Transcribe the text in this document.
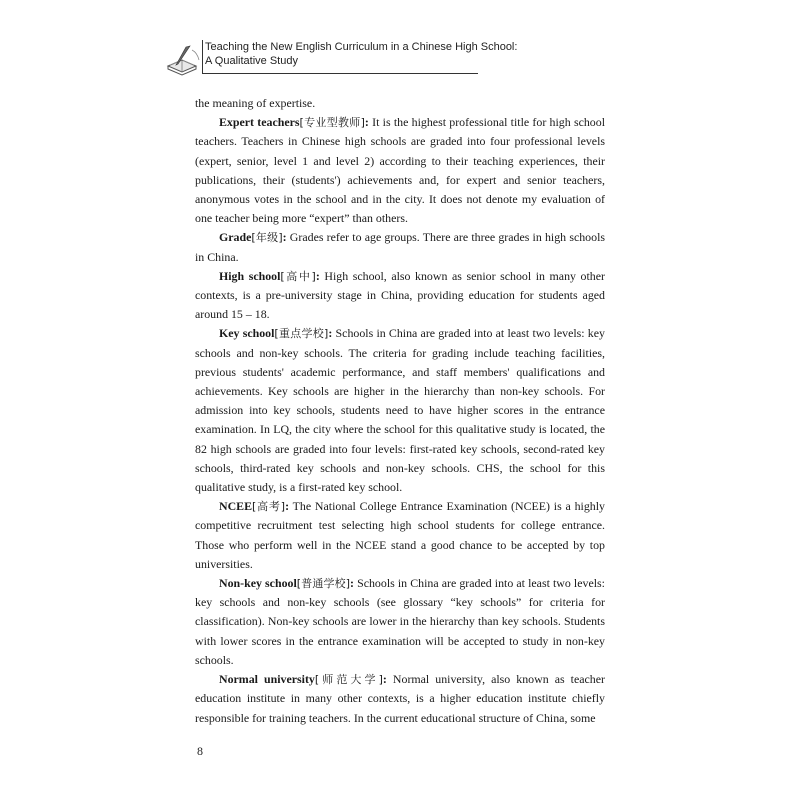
Teaching the New English Curriculum in a Chinese High School:
A Qualitative Study

the meaning of expertise.

Expert teachers[专业型教师]: It is the highest professional title for high school teachers. Teachers in Chinese high schools are graded into four professional levels (expert, senior, level 1 and level 2) according to their teaching experiences, their publications, their (students') achievements and, for expert and senior teachers, anonymous votes in the school and in the city. It does not denote my evaluation of one teacher being more “expert” than others.

Grade[年级]: Grades refer to age groups. There are three grades in high schools in China.

High school[高中]: High school, also known as senior school in many other contexts, is a pre-university stage in China, providing education for students aged around 15 – 18.

Key school[重点学校]: Schools in China are graded into at least two levels: key schools and non-key schools. The criteria for grading include teaching facilities, previous students' academic performance, and staff members' qualifications and achievements. Key schools are higher in the hierarchy than non-key schools. For admission into key schools, students need to have higher scores in the entrance examination. In LQ, the city where the school for this qualitative study is located, the 82 high schools are graded into four levels: first-rated key schools, second-rated key schools, third-rated key schools and non-key schools. CHS, the school for this qualitative study, is a first-rated key school.

NCEE[高考]: The National College Entrance Examination (NCEE) is a highly competitive recruitment test selecting high school students for college entrance. Those who perform well in the NCEE stand a good chance to be accepted by top universities.

Non-key school[普通学校]: Schools in China are graded into at least two levels: key schools and non-key schools (see glossary “key schools” for criteria for classification). Non-key schools are lower in the hierarchy than key schools. Students with lower scores in the entrance examination will be accepted to study in non-key schools.

Normal university[师范大学]: Normal university, also known as teacher education institute in many other contexts, is a higher education institute chiefly responsible for training teachers. In the current educational structure of China, some

8
